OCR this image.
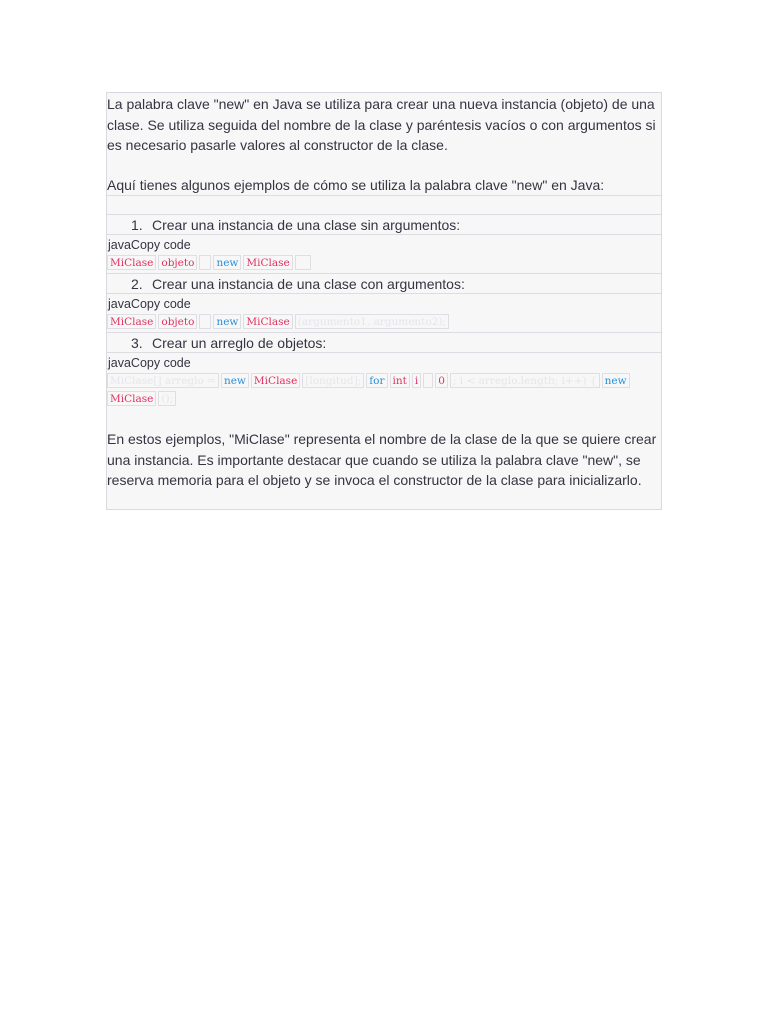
La palabra clave "new" en Java se utiliza para crear una nueva instancia (objeto) de una clase. Se utiliza seguida del nombre de la clase y paréntesis vacíos o con argumentos si es necesario pasarle valores al constructor de la clase.

Aquí tienes algunos ejemplos de cómo se utiliza la palabra clave "new" en Java:

1. Crear una instancia de una clase sin argumentos:
javaCopy code
MiClase objeto new MiClase
2. Crear una instancia de una clase con argumentos:
javaCopy code
MiClase objeto new MiClase (argumento1, argumento2);
3. Crear un arreglo de objetos:
javaCopy code
MiClase[] arreglo = new MiClase [longitud]; for int i 0 ; i < arreglo.length; i++) { new
MiClase ();

En estos ejemplos, "MiClase" representa el nombre de la clase de la que se quiere crear una instancia. Es importante destacar que cuando se utiliza la palabra clave "new", se reserva memoria para el objeto y se invoca el constructor de la clase para inicializarlo.
